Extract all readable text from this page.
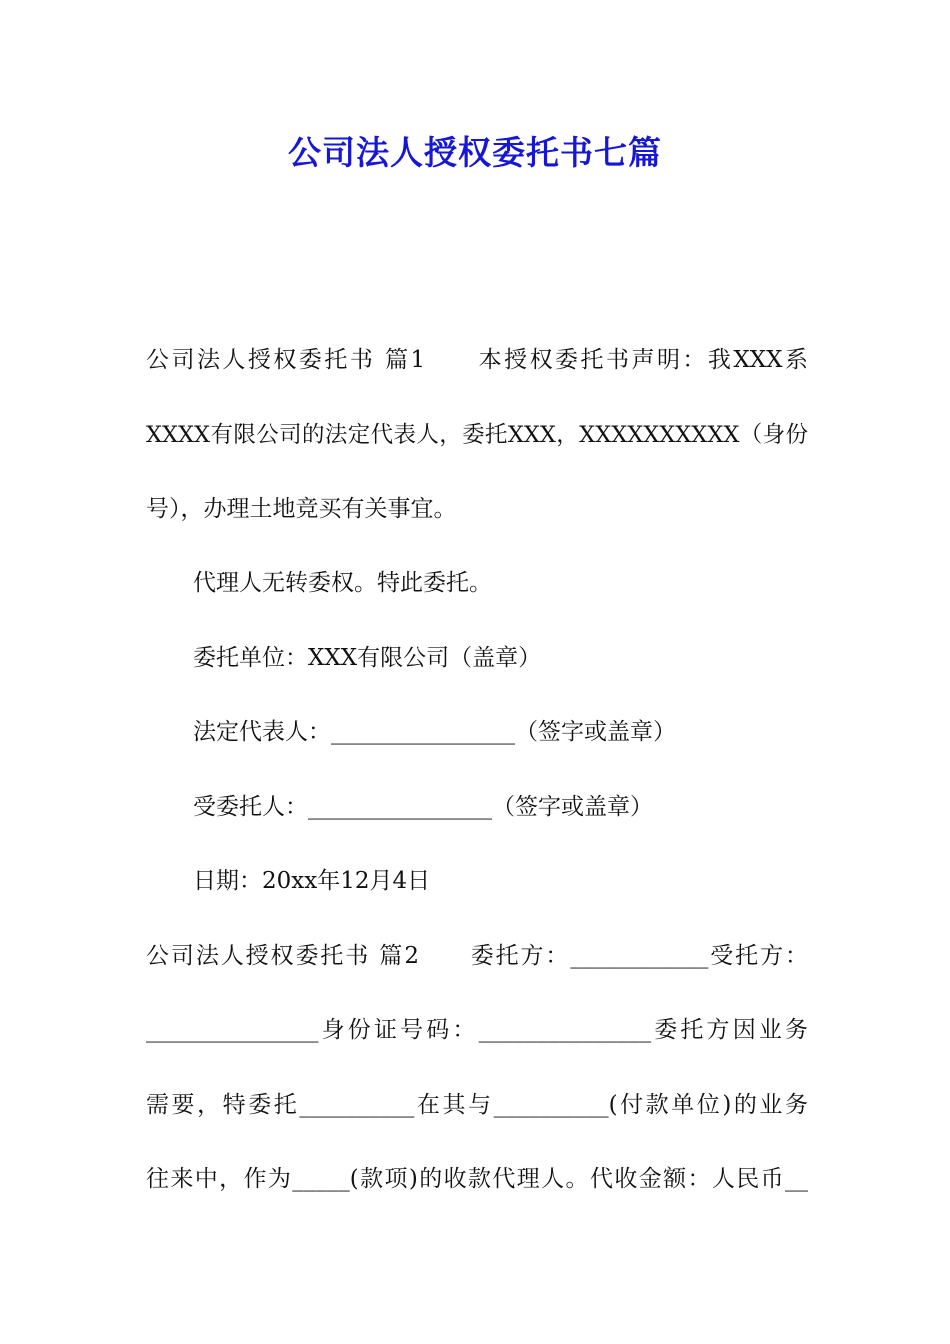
公司法人授权委托书七篇
公司法人授权委托书 篇1　　本授权委托书声明：我XXX系
XXXX有限公司的法定代表人，委托XXX，XXXXXXXXXX（身份
号），办理土地竞买有关事宜。
代理人无转委权。特此委托。
委托单位：XXX有限公司（盖章）
法定代表人：________________（签字或盖章）
受委托人：________________（签字或盖章）
日期：20xx年12月4日
公司法人授权委托书 篇2　　委托方：____________受托方：
_______________身份证号码：_______________委托方因业务
需要，特委托__________在其与__________(付款单位)的业务
往来中，作为_____(款项)的收款代理人。代收金额：人民币__
